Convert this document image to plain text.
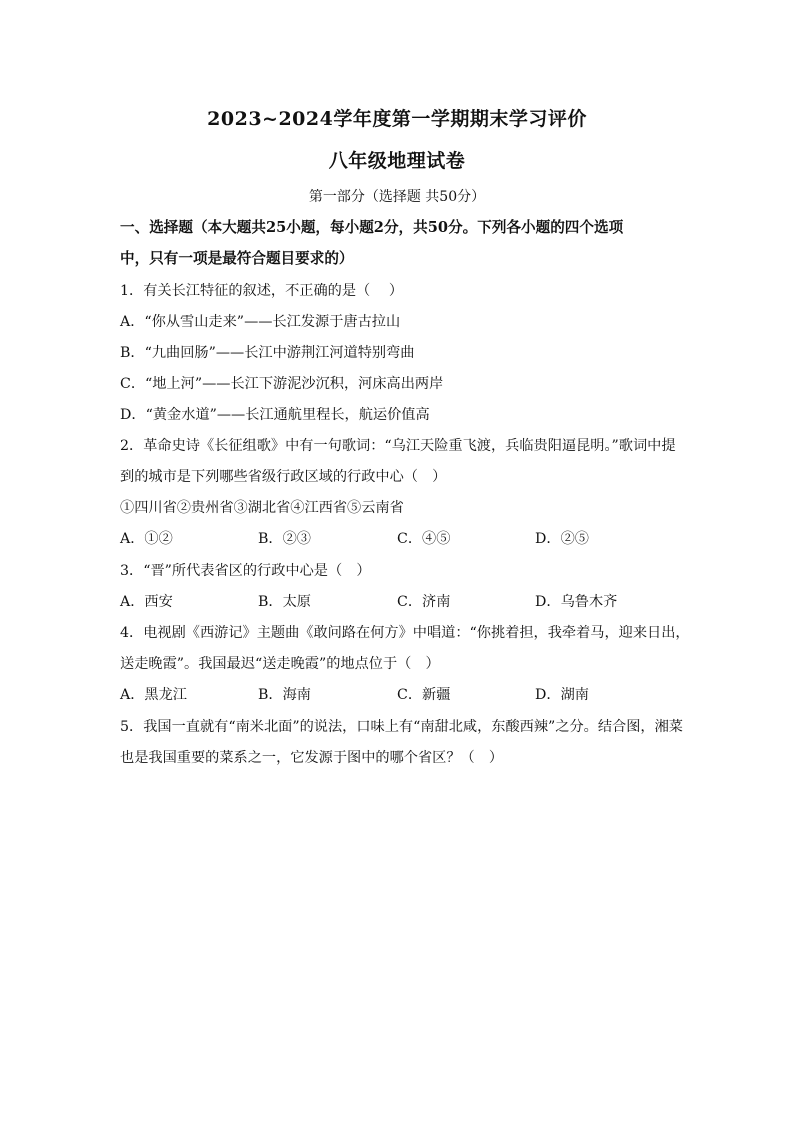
2023~2024学年度第一学期期末学习评价
八年级地理试卷
第一部分（选择题 共50分）
一、选择题（本大题共25小题，每小题2分，共50分。下列各小题的四个选项
中，只有一项是最符合题目要求的）
1．有关长江特征的叙述，不正确的是（　 ）
A．“你从雪山走来”——长江发源于唐古拉山
B．“九曲回肠”——长江中游荆江河道特别弯曲
C．“地上河”——长江下游泥沙沉积，河床高出两岸
D．“黄金水道”——长江通航里程长，航运价值高
2．革命史诗《长征组歌》中有一句歌词：“乌江天险重飞渡，兵临贵阳逼昆明。”歌词中提
到的城市是下列哪些省级行政区域的行政中心（　）
①四川省②贵州省③湖北省④江西省⑤云南省
A．①②	B．②③	C．④⑤	D．②⑤
3．“晋”所代表省区的行政中心是（　）
A．西安	B．太原	C．济南	D．乌鲁木齐
4．电视剧《西游记》主题曲《敢问路在何方》中唱道：“你挑着担，我牵着马，迎来日出，
送走晚霞”。我国最迟“送走晚霞”的地点位于（　）
A．黑龙江	B．海南	C．新疆	D．湖南
5．我国一直就有“南米北面”的说法，口味上有“南甜北咸，东酸西辣”之分。结合图，湘菜
也是我国重要的菜系之一，它发源于图中的哪个省区？（　）
